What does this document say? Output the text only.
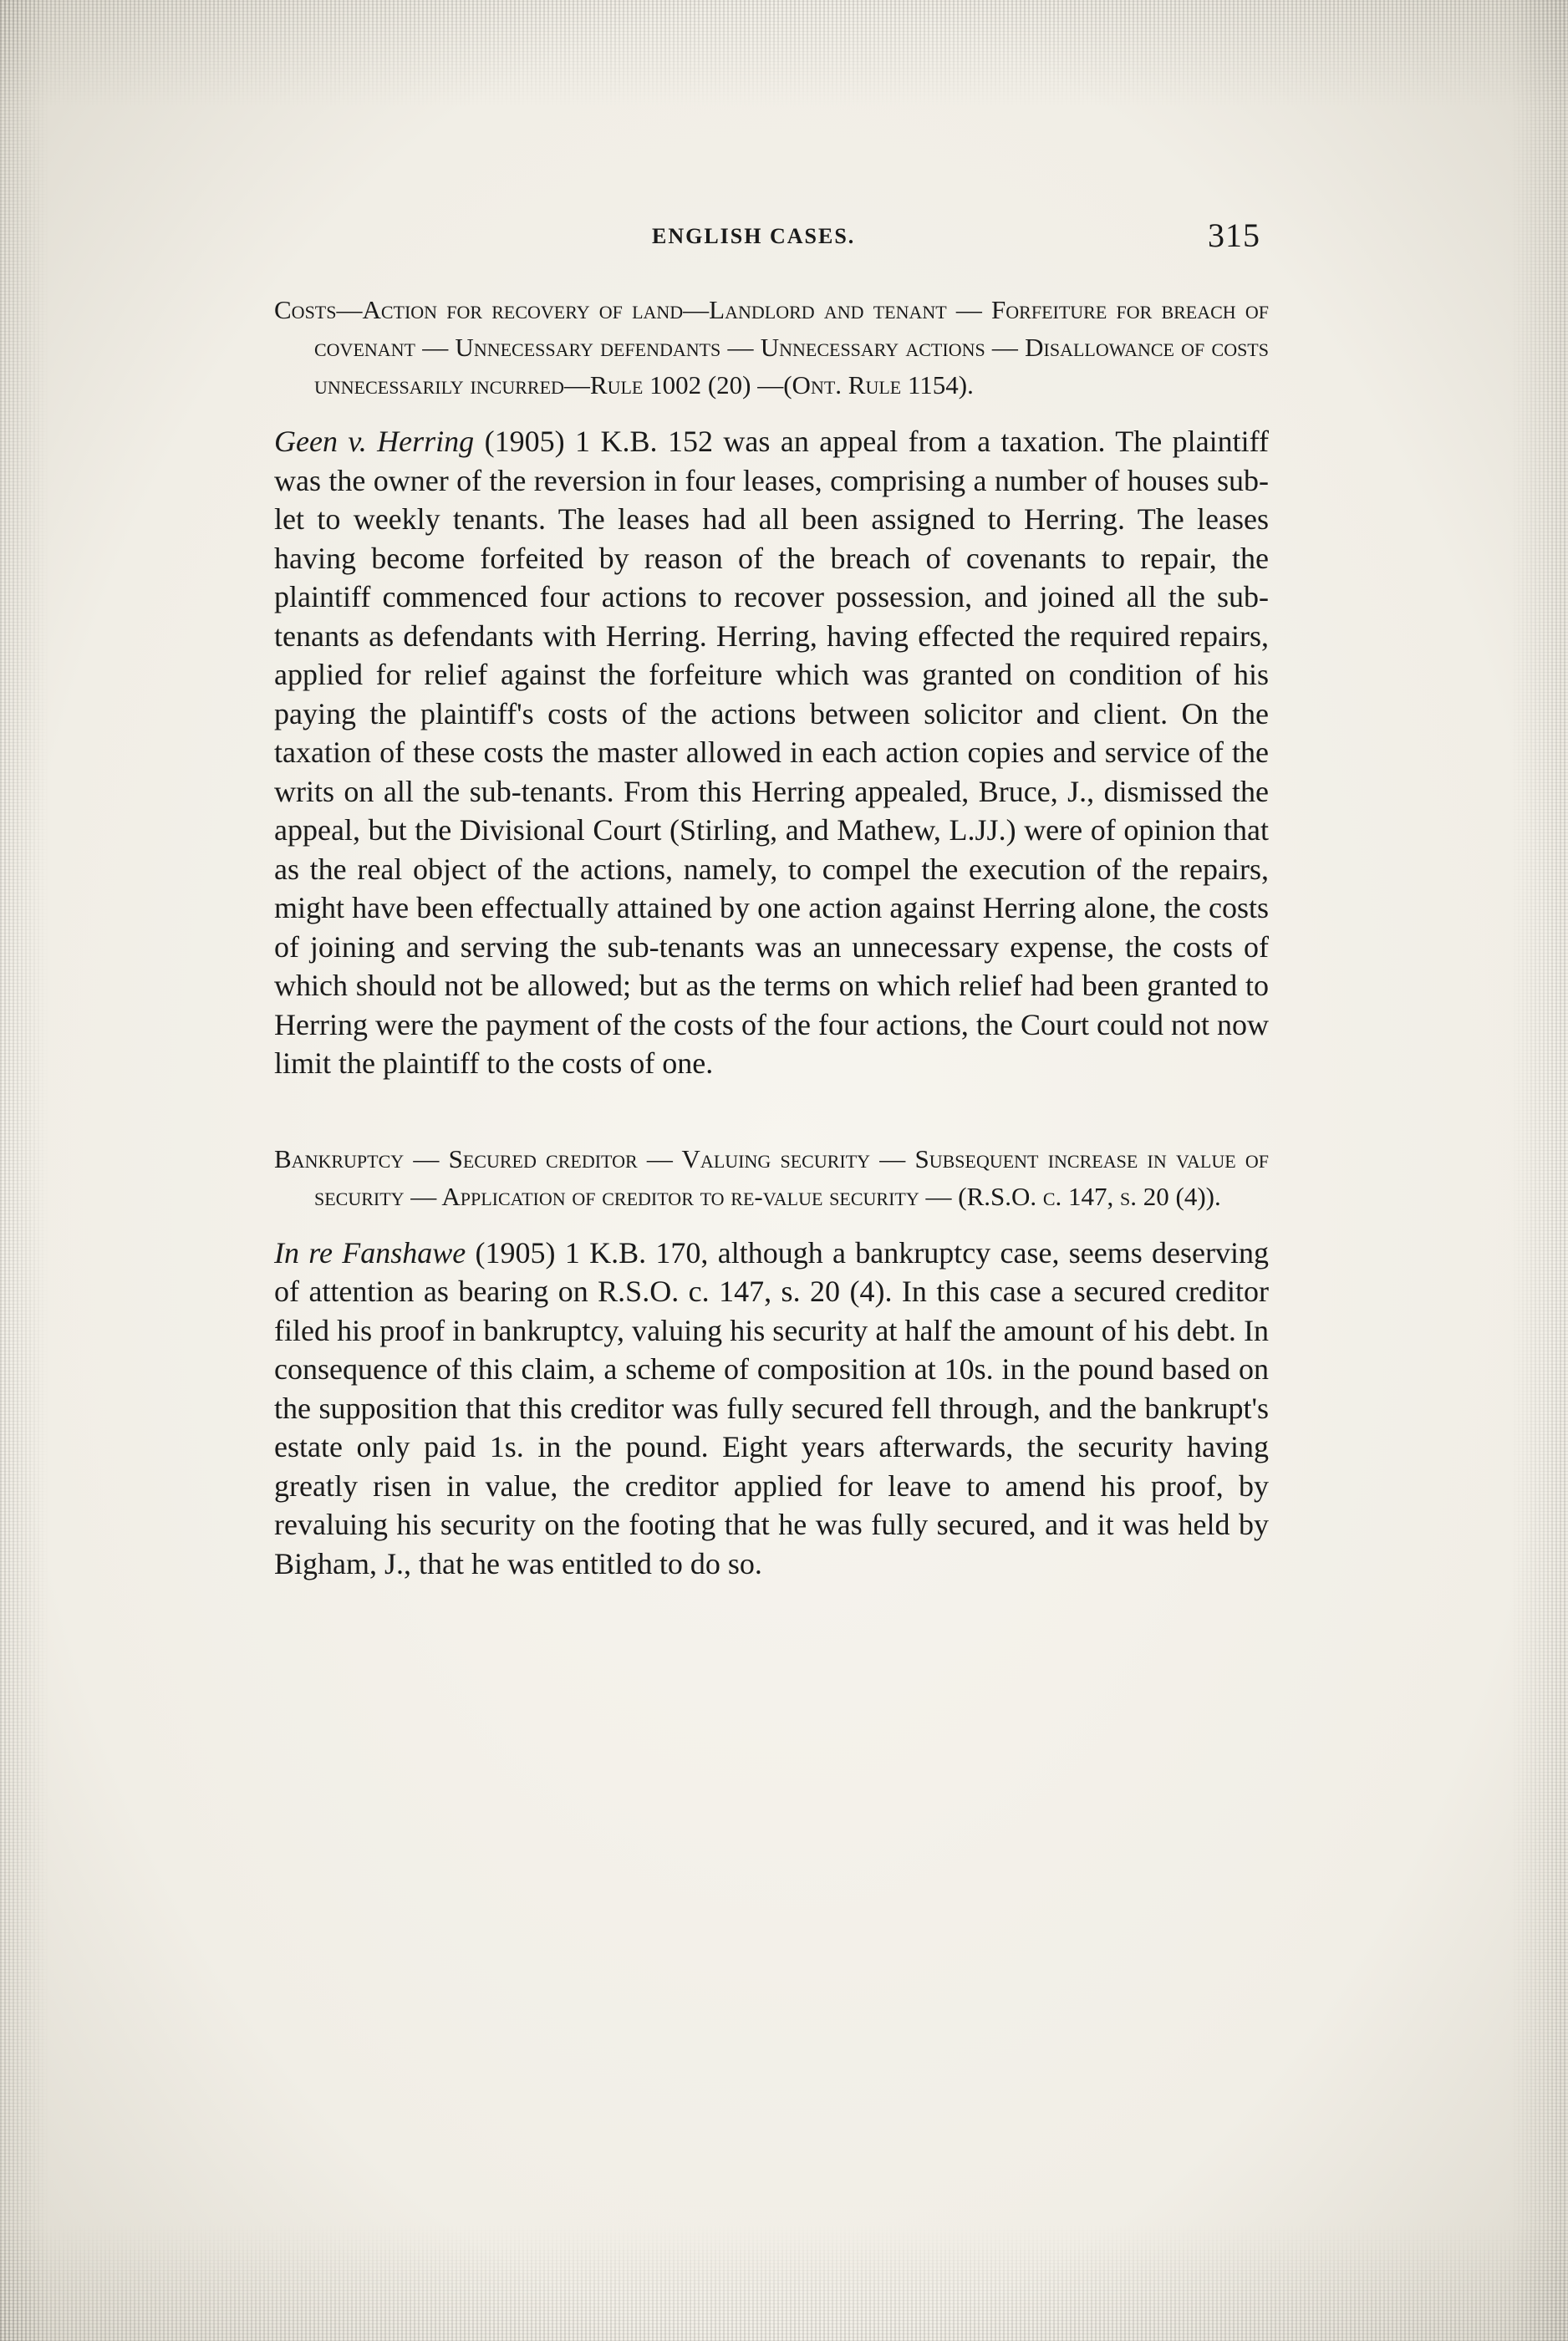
ENGLISH CASES.	315

Costs—Action for recovery of land—Landlord and tenant — Forfeiture for breach of covenant — Unnecessary defendants — Unnecessary actions — Disallowance of costs unnecessarily incurred—Rule 1002 (20) —(Ont. Rule 1154).

Geen v. Herring (1905) 1 K.B. 152 was an appeal from a taxation. The plaintiff was the owner of the reversion in four leases, comprising a number of houses sub-let to weekly tenants. The leases had all been assigned to Herring. The leases having become forfeited by reason of the breach of covenants to repair, the plaintiff commenced four actions to recover possession, and joined all the sub-tenants as defendants with Herring. Herring, having effected the required repairs, applied for relief against the forfeiture which was granted on condition of his paying the plaintiff's costs of the actions between solicitor and client. On the taxation of these costs the master allowed in each action copies and service of the writs on all the sub-tenants. From this Herring appealed, Bruce, J., dismissed the appeal, but the Divisional Court (Stirling, and Mathew, L.JJ.) were of opinion that as the real object of the actions, namely, to compel the execution of the repairs, might have been effectually attained by one action against Herring alone, the costs of joining and serving the sub-tenants was an unnecessary expense, the costs of which should not be allowed; but as the terms on which relief had been granted to Herring were the payment of the costs of the four actions, the Court could not now limit the plaintiff to the costs of one.

Bankruptcy — Secured creditor — Valuing security — Subsequent increase in value of security — Application of creditor to re-value security — (R.S.O. c. 147, s. 20 (4)).

In re Fanshawe (1905) 1 K.B. 170, although a bankruptcy case, seems deserving of attention as bearing on R.S.O. c. 147, s. 20 (4). In this case a secured creditor filed his proof in bankruptcy, valuing his security at half the amount of his debt. In consequence of this claim, a scheme of composition at 10s. in the pound based on the supposition that this creditor was fully secured fell through, and the bankrupt's estate only paid 1s. in the pound. Eight years afterwards, the security having greatly risen in value, the creditor applied for leave to amend his proof, by revaluing his security on the footing that he was fully secured, and it was held by Bigham, J., that he was entitled to do so.
